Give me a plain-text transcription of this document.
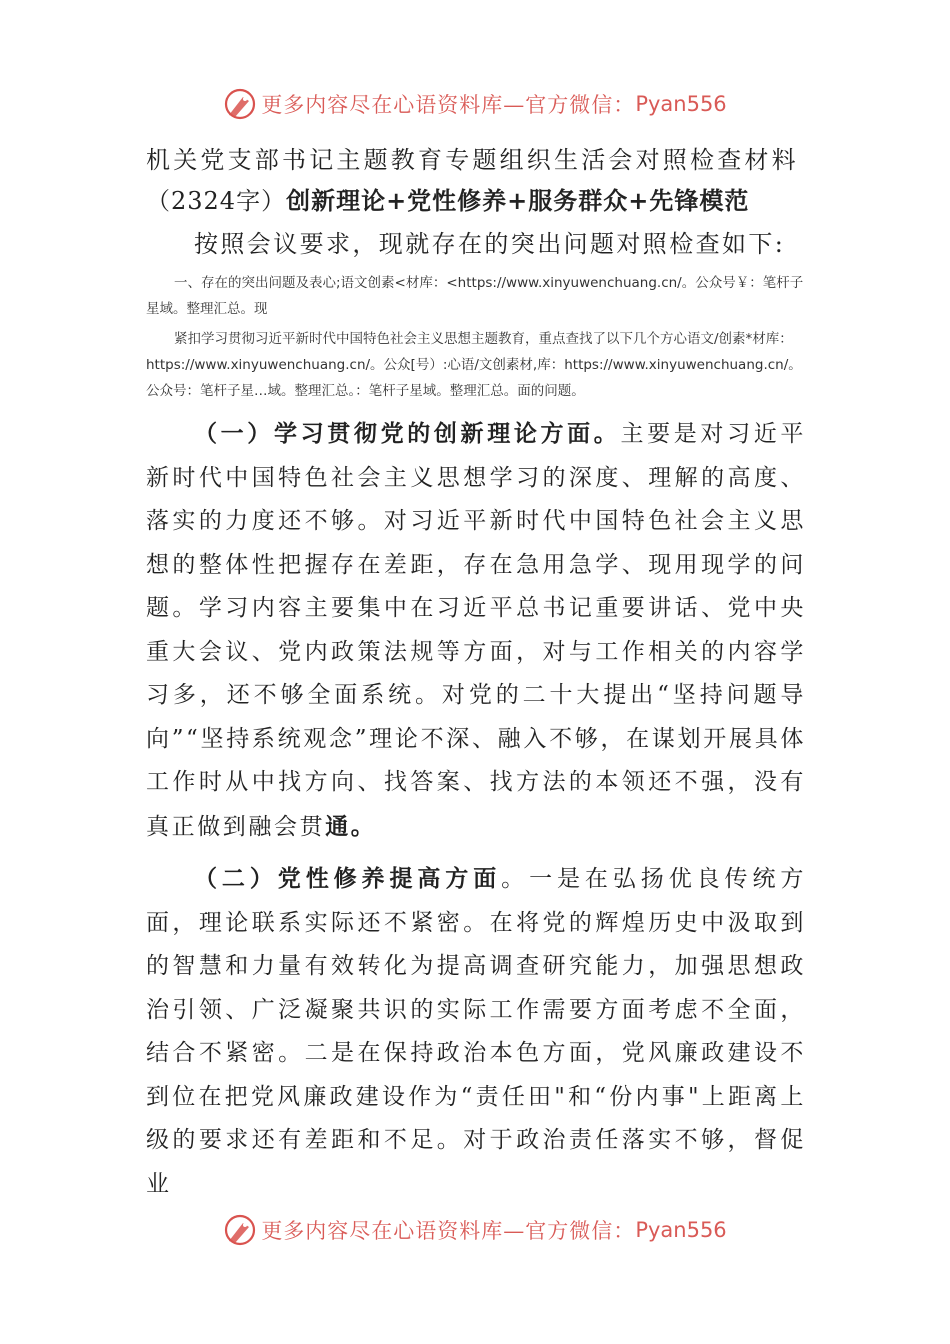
更多内容尽在心语资料库—官方微信： Pyan556

机关党支部书记主题教育专题组织生活会对照检查材料

（2324字）创新理论+党性修养+服务群众+先锋模范

按照会议要求，现就存在的突出问题对照检查如下:

一、存在的突出问题及表心;语文创素<材库：<https://www.xinyuwenchuang.cn/。公众号￥：笔杆子星域。整理汇总。现

紧扣学习贯彻习近平新时代中国特色社会主义思想主题教育，重点查找了以下几个方心语文/创素*材库：https://www.xinyuwenchuang.cn/。公众[号）:心语/文创素材,库：https://www.xinyuwenchuang.cn/。公众号：笔杆子星…域。整理汇总。：笔杆子星域。整理汇总。面的问题。

（一）学习贯彻党的创新理论方面。主要是对习近平新时代中国特色社会主义思想学习的深度、理解的高度、落实的力度还不够。对习近平新时代中国特色社会主义思想的整体性把握存在差距，存在急用急学、现用现学的问题。学习内容主要集中在习近平总书记重要讲话、党中央重大会议、党内政策法规等方面，对与工作相关的内容学习多，还不够全面系统。对党的二十大提出“坚持问题导向”“坚持系统观念”理论不深、融入不够，在谋划开展具体工作时从中找方向、找答案、找方法的本领还不强，没有真正做到融会贯通。

（二）党性修养提高方面。一是在弘扬优良传统方面，理论联系实际还不紧密。在将党的辉煌历史中汲取到的智慧和力量有效转化为提高调查研究能力，加强思想政治引领、广泛凝聚共识的实际工作需要方面考虑不全面，结合不紧密。二是在保持政治本色方面，党风廉政建设不到位在把党风廉政建设作为“责任田"和“份内事"上距离上级的要求还有差距和不足。对于政治责任落实不够，督促业

更多内容尽在心语资料库—官方微信： Pyan556
